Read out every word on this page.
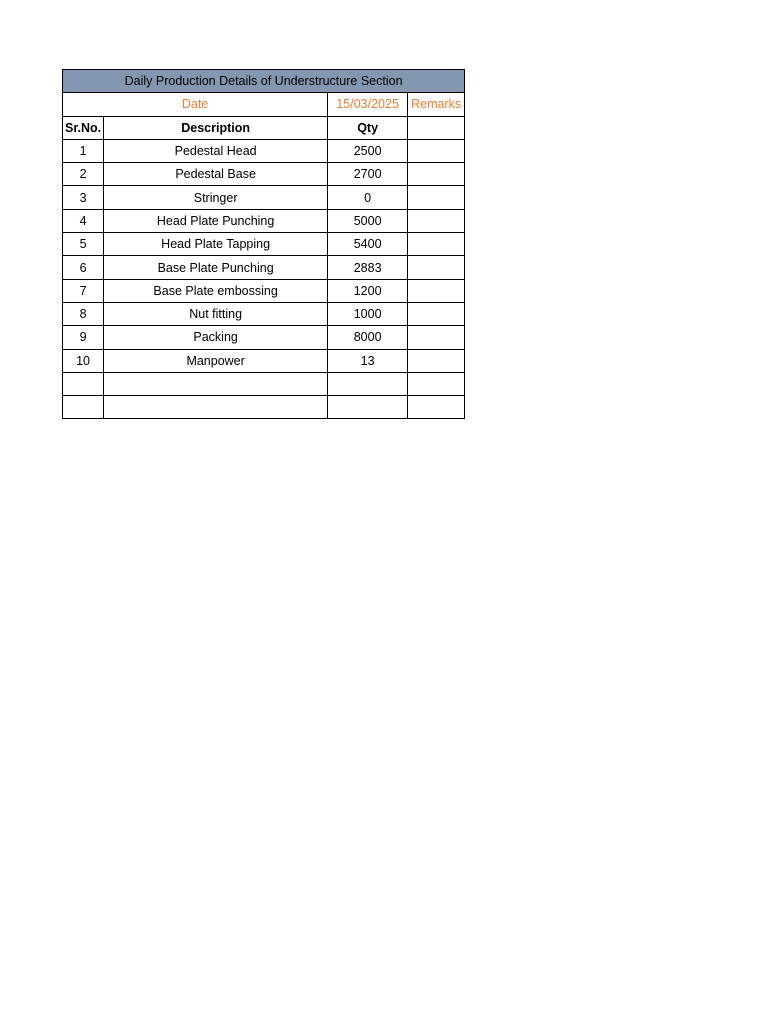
Daily Production Details of Understructure Section			
Date		15/03/2025	Remarks
Sr.No.	Description	Qty	
1	Pedestal Head	2500	
2	Pedestal Base	2700	
3	Stringer	0	
4	Head Plate Punching	5000	
5	Head Plate Tapping	5400	
6	Base Plate Punching	2883	
7	Base Plate embossing	1200	
8	Nut fitting	1000	
9	Packing	8000	
10	Manpower	13	
